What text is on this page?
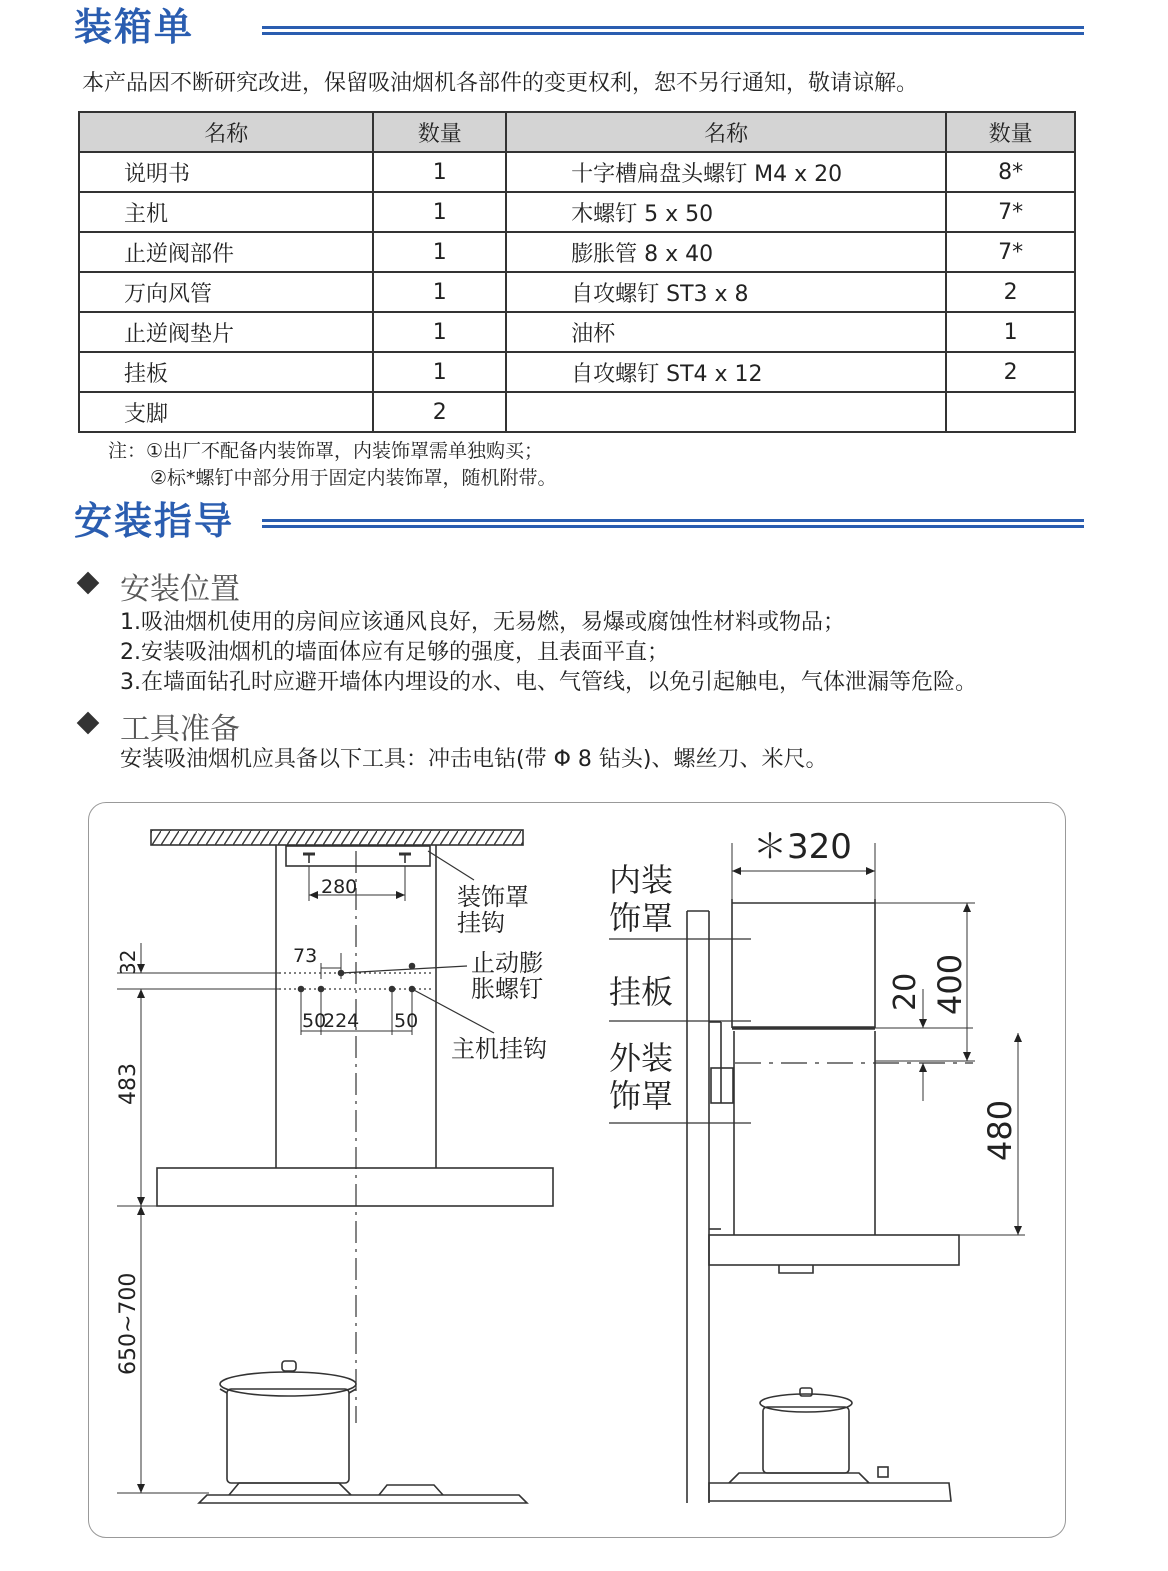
装箱单
本产品因不断研究改进，保留吸油烟机各部件的变更权利，恕不另行通知，敬请谅解。
名称	数量	名称	数量
说明书	1	十字槽扁盘头螺钉 M4 x 20	8*
主机	1	木螺钉 5 x 50	7*
止逆阀部件	1	膨胀管 8 x 40	7*
万向风管	1	自攻螺钉 ST3 x 8	2
止逆阀垫片	1	油杯	1
挂板	1	自攻螺钉 ST4 x 12	2
支脚	2		
注：①出厂不配备内装饰罩，内装饰罩需单独购买；
②标*螺钉中部分用于固定内装饰罩，随机附带。
安装指导
安装位置
1.吸油烟机使用的房间应该通风良好，无易燃，易爆或腐蚀性材料或物品；
2.安装吸油烟机的墙面体应有足够的强度，且表面平直；
3.在墙面钻孔时应避开墙体内埋设的水、电、气管线，以免引起触电，气体泄漏等危险。
工具准备
安装吸油烟机应具备以下工具：冲击电钻(带 Φ 8 钻头)、螺丝刀、米尺。
280
73
50
224 50
32
483
650~700
装饰罩
挂钩
止动膨
胀螺钉
主机挂钩
＊320
400
20
480
内装
饰罩
挂板
外装
饰罩
